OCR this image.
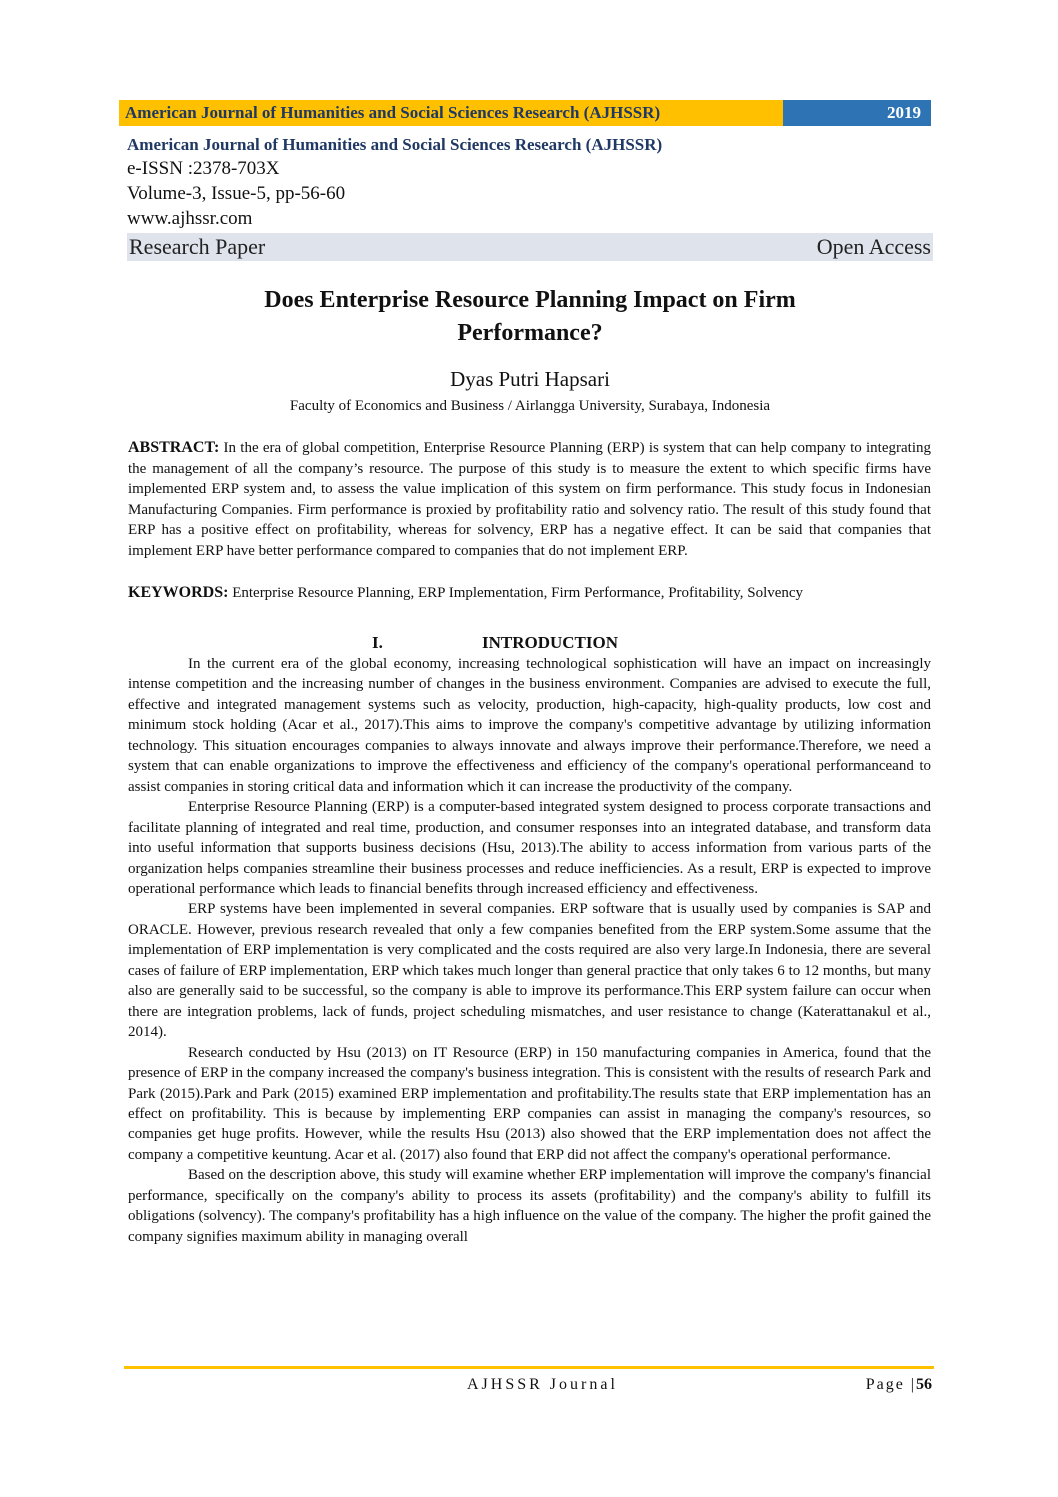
American Journal of Humanities and Social Sciences Research (AJHSSR)	2019
American Journal of Humanities and Social Sciences Research (AJHSSR)
e-ISSN :2378-703X
Volume-3, Issue-5, pp-56-60
www.ajhssr.com
Research Paper	Open Access
Does Enterprise Resource Planning Impact on Firm
Performance?
Dyas Putri Hapsari
Faculty of Economics and Business / Airlangga University, Surabaya, Indonesia
ABSTRACT: In the era of global competition, Enterprise Resource Planning (ERP) is system that can help company to integrating the management of all the company’s resource. The purpose of this study is to measure the extent to which specific firms have implemented ERP system and, to assess the value implication of this system on firm performance. This study focus in Indonesian Manufacturing Companies. Firm performance is proxied by profitability ratio and solvency ratio. The result of this study found that ERP has a positive effect on profitability, whereas for solvency, ERP has a negative effect. It can be said that companies that implement ERP have better performance compared to companies that do not implement ERP.
KEYWORDS: Enterprise Resource Planning, ERP Implementation, Firm Performance, Profitability, Solvency
I.	INTRODUCTION

In the current era of the global economy, increasing technological sophistication will have an impact on increasingly intense competition and the increasing number of changes in the business environment. Companies are advised to execute the full, effective and integrated management systems such as velocity, production, high-capacity, high-quality products, low cost and minimum stock holding (Acar et al., 2017).This aims to improve the company's competitive advantage by utilizing information technology. This situation encourages companies to always innovate and always improve their performance.Therefore, we need a system that can enable organizations to improve the effectiveness and efficiency of the company's operational performanceand to assist companies in storing critical data and information which it can increase the productivity of the company.

Enterprise Resource Planning (ERP) is a computer-based integrated system designed to process corporate transactions and facilitate planning of integrated and real time, production, and consumer responses into an integrated database, and transform data into useful information that supports business decisions (Hsu, 2013).The ability to access information from various parts of the organization helps companies streamline their business processes and reduce inefficiencies. As a result, ERP is expected to improve operational performance which leads to financial benefits through increased efficiency and effectiveness.

ERP systems have been implemented in several companies. ERP software that is usually used by companies is SAP and ORACLE. However, previous research revealed that only a few companies benefited from the ERP system.Some assume that the implementation of ERP implementation is very complicated and the costs required are also very large.In Indonesia, there are several cases of failure of ERP implementation, ERP which takes much longer than general practice that only takes 6 to 12 months, but many also are generally said to be successful, so the company is able to improve its performance.This ERP system failure can occur when there are integration problems, lack of funds, project scheduling mismatches, and user resistance to change (Katerattanakul et al., 2014).

Research conducted by Hsu (2013) on IT Resource (ERP) in 150 manufacturing companies in America, found that the presence of ERP in the company increased the company's business integration. This is consistent with the results of research Park and Park (2015).Park and Park (2015) examined ERP implementation and profitability.The results state that ERP implementation has an effect on profitability. This is because by implementing ERP companies can assist in managing the company's resources, so companies get huge profits. However, while the results Hsu (2013) also showed that the ERP implementation does not affect the company a competitive keuntung. Acar et al. (2017) also found that ERP did not affect the company's operational performance.

Based on the description above, this study will examine whether ERP implementation will improve the company's financial performance, specifically on the company's ability to process its assets (profitability) and the company's ability to fulfill its obligations (solvency). The company's profitability has a high influence on the value of the company. The higher the profit gained the company signifies maximum ability in managing overall

AJHSSR Journal	Page |56
